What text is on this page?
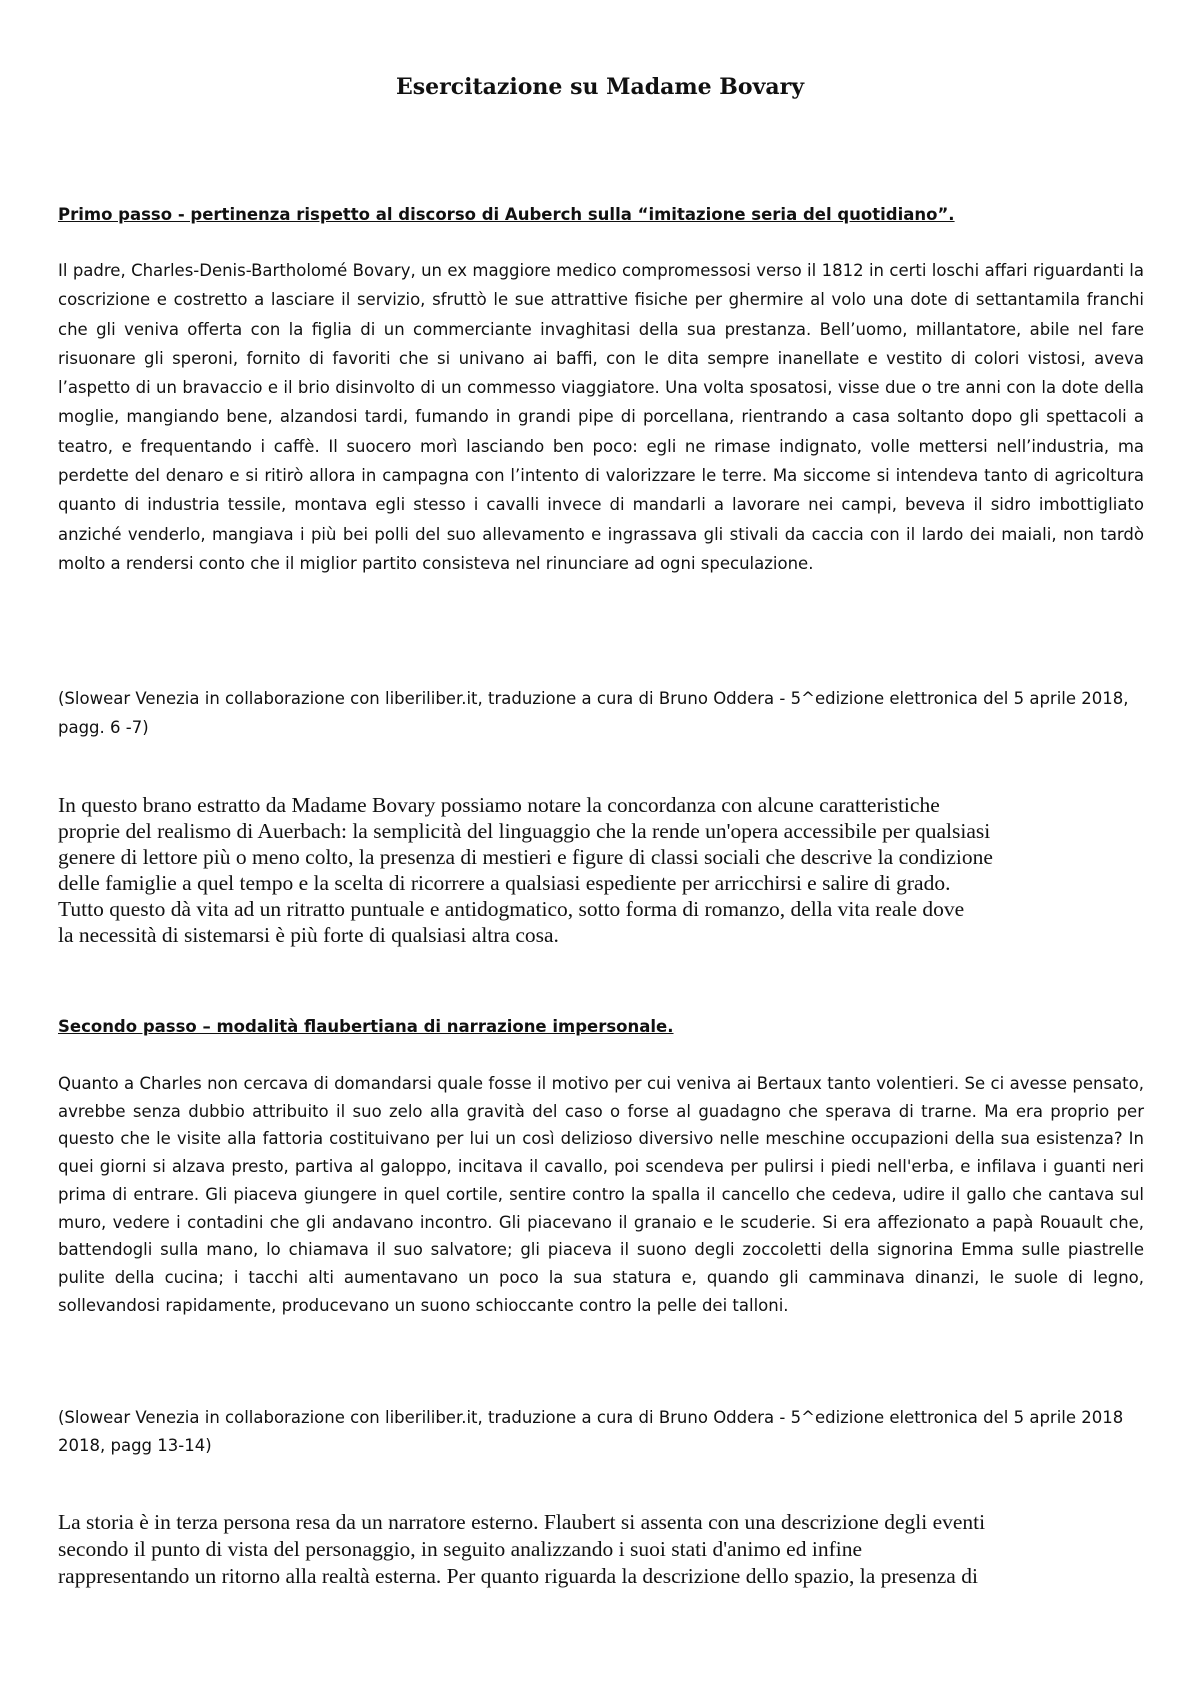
Esercitazione su Madame Bovary

Primo passo - pertinenza rispetto al discorso di Auberch sulla “imitazione seria del quotidiano”.

Il padre, Charles-Denis-Bartholomé Bovary, un ex maggiore medico compromessosi verso il 1812 in certi loschi affari riguardanti la coscrizione e costretto a lasciare il servizio, sfruttò le sue attrattive fisiche per ghermire al volo una dote di settantamila franchi che gli veniva offerta con la figlia di un commerciante invaghitasi della sua prestanza. Bell’uomo, millantatore, abile nel fare risuonare gli speroni, fornito di favoriti che si univano ai baffi, con le dita sempre inanellate e vestito di colori vistosi, aveva l’aspetto di un bravaccio e il brio disinvolto di un commesso viaggiatore. Una volta sposatosi, visse due o tre anni con la dote della moglie, mangiando bene, alzandosi tardi, fumando in grandi pipe di porcellana, rientrando a casa soltanto dopo gli spettacoli a teatro, e frequentando i caffè. Il suocero morì lasciando ben poco: egli ne rimase indignato, volle mettersi nell’industria, ma perdette del denaro e si ritirò allora in campagna con l’intento di valorizzare le terre. Ma siccome si intendeva tanto di agricoltura quanto di industria tessile, montava egli stesso i cavalli invece di mandarli a lavorare nei campi, beveva il sidro imbottigliato anziché venderlo, mangiava i più bei polli del suo allevamento e ingrassava gli stivali da caccia con il lardo dei maiali, non tardò molto a rendersi conto che il miglior partito consisteva nel rinunciare ad ogni speculazione.

(Slowear Venezia in collaborazione con liberiliber.it, traduzione a cura di Bruno Oddera - 5^edizione elettronica del 5 aprile 2018, pagg. 6 -7)

In questo brano estratto da Madame Bovary possiamo notare la concordanza con alcune caratteristiche
proprie del realismo di Auerbach: la semplicità del linguaggio che la rende un'opera accessibile per qualsiasi
genere di lettore più o meno colto, la presenza di mestieri e figure di classi sociali che descrive la condizione
delle famiglie a quel tempo e la scelta di ricorrere a qualsiasi espediente per arricchirsi e salire di grado.
Tutto questo dà vita ad un ritratto puntuale e antidogmatico, sotto forma di romanzo, della vita reale dove
la necessità di sistemarsi è più forte di qualsiasi altra cosa.

Secondo passo – modalità flaubertiana di narrazione impersonale.

Quanto a Charles non cercava di domandarsi quale fosse il motivo per cui veniva ai Bertaux tanto volentieri. Se ci avesse pensato, avrebbe senza dubbio attribuito il suo zelo alla gravità del caso o forse al guadagno che sperava di trarne. Ma era proprio per questo che le visite alla fattoria costituivano per lui un così delizioso diversivo nelle meschine occupazioni della sua esistenza? In quei giorni si alzava presto, partiva al galoppo, incitava il cavallo, poi scendeva per pulirsi i piedi nell'erba, e infilava i guanti neri prima di entrare. Gli piaceva giungere in quel cortile, sentire contro la spalla il cancello che cedeva, udire il gallo che cantava sul muro, vedere i contadini che gli andavano incontro. Gli piacevano il granaio e le scuderie. Si era affezionato a papà Rouault che, battendogli sulla mano, lo chiamava il suo salvatore; gli piaceva il suono degli zoccoletti della signorina Emma sulle piastrelle pulite della cucina; i tacchi alti aumentavano un poco la sua statura e, quando gli camminava dinanzi, le suole di legno, sollevandosi rapidamente, producevano un suono schioccante contro la pelle dei talloni.

(Slowear Venezia in collaborazione con liberiliber.it, traduzione a cura di Bruno Oddera - 5^edizione elettronica del 5 aprile 2018 2018, pagg 13-14)

La storia è in terza persona resa da un narratore esterno. Flaubert si assenta con una descrizione degli eventi
secondo il punto di vista del personaggio, in seguito analizzando i suoi stati d'animo ed infine
rappresentando un ritorno alla realtà esterna. Per quanto riguarda la descrizione dello spazio, la presenza di
